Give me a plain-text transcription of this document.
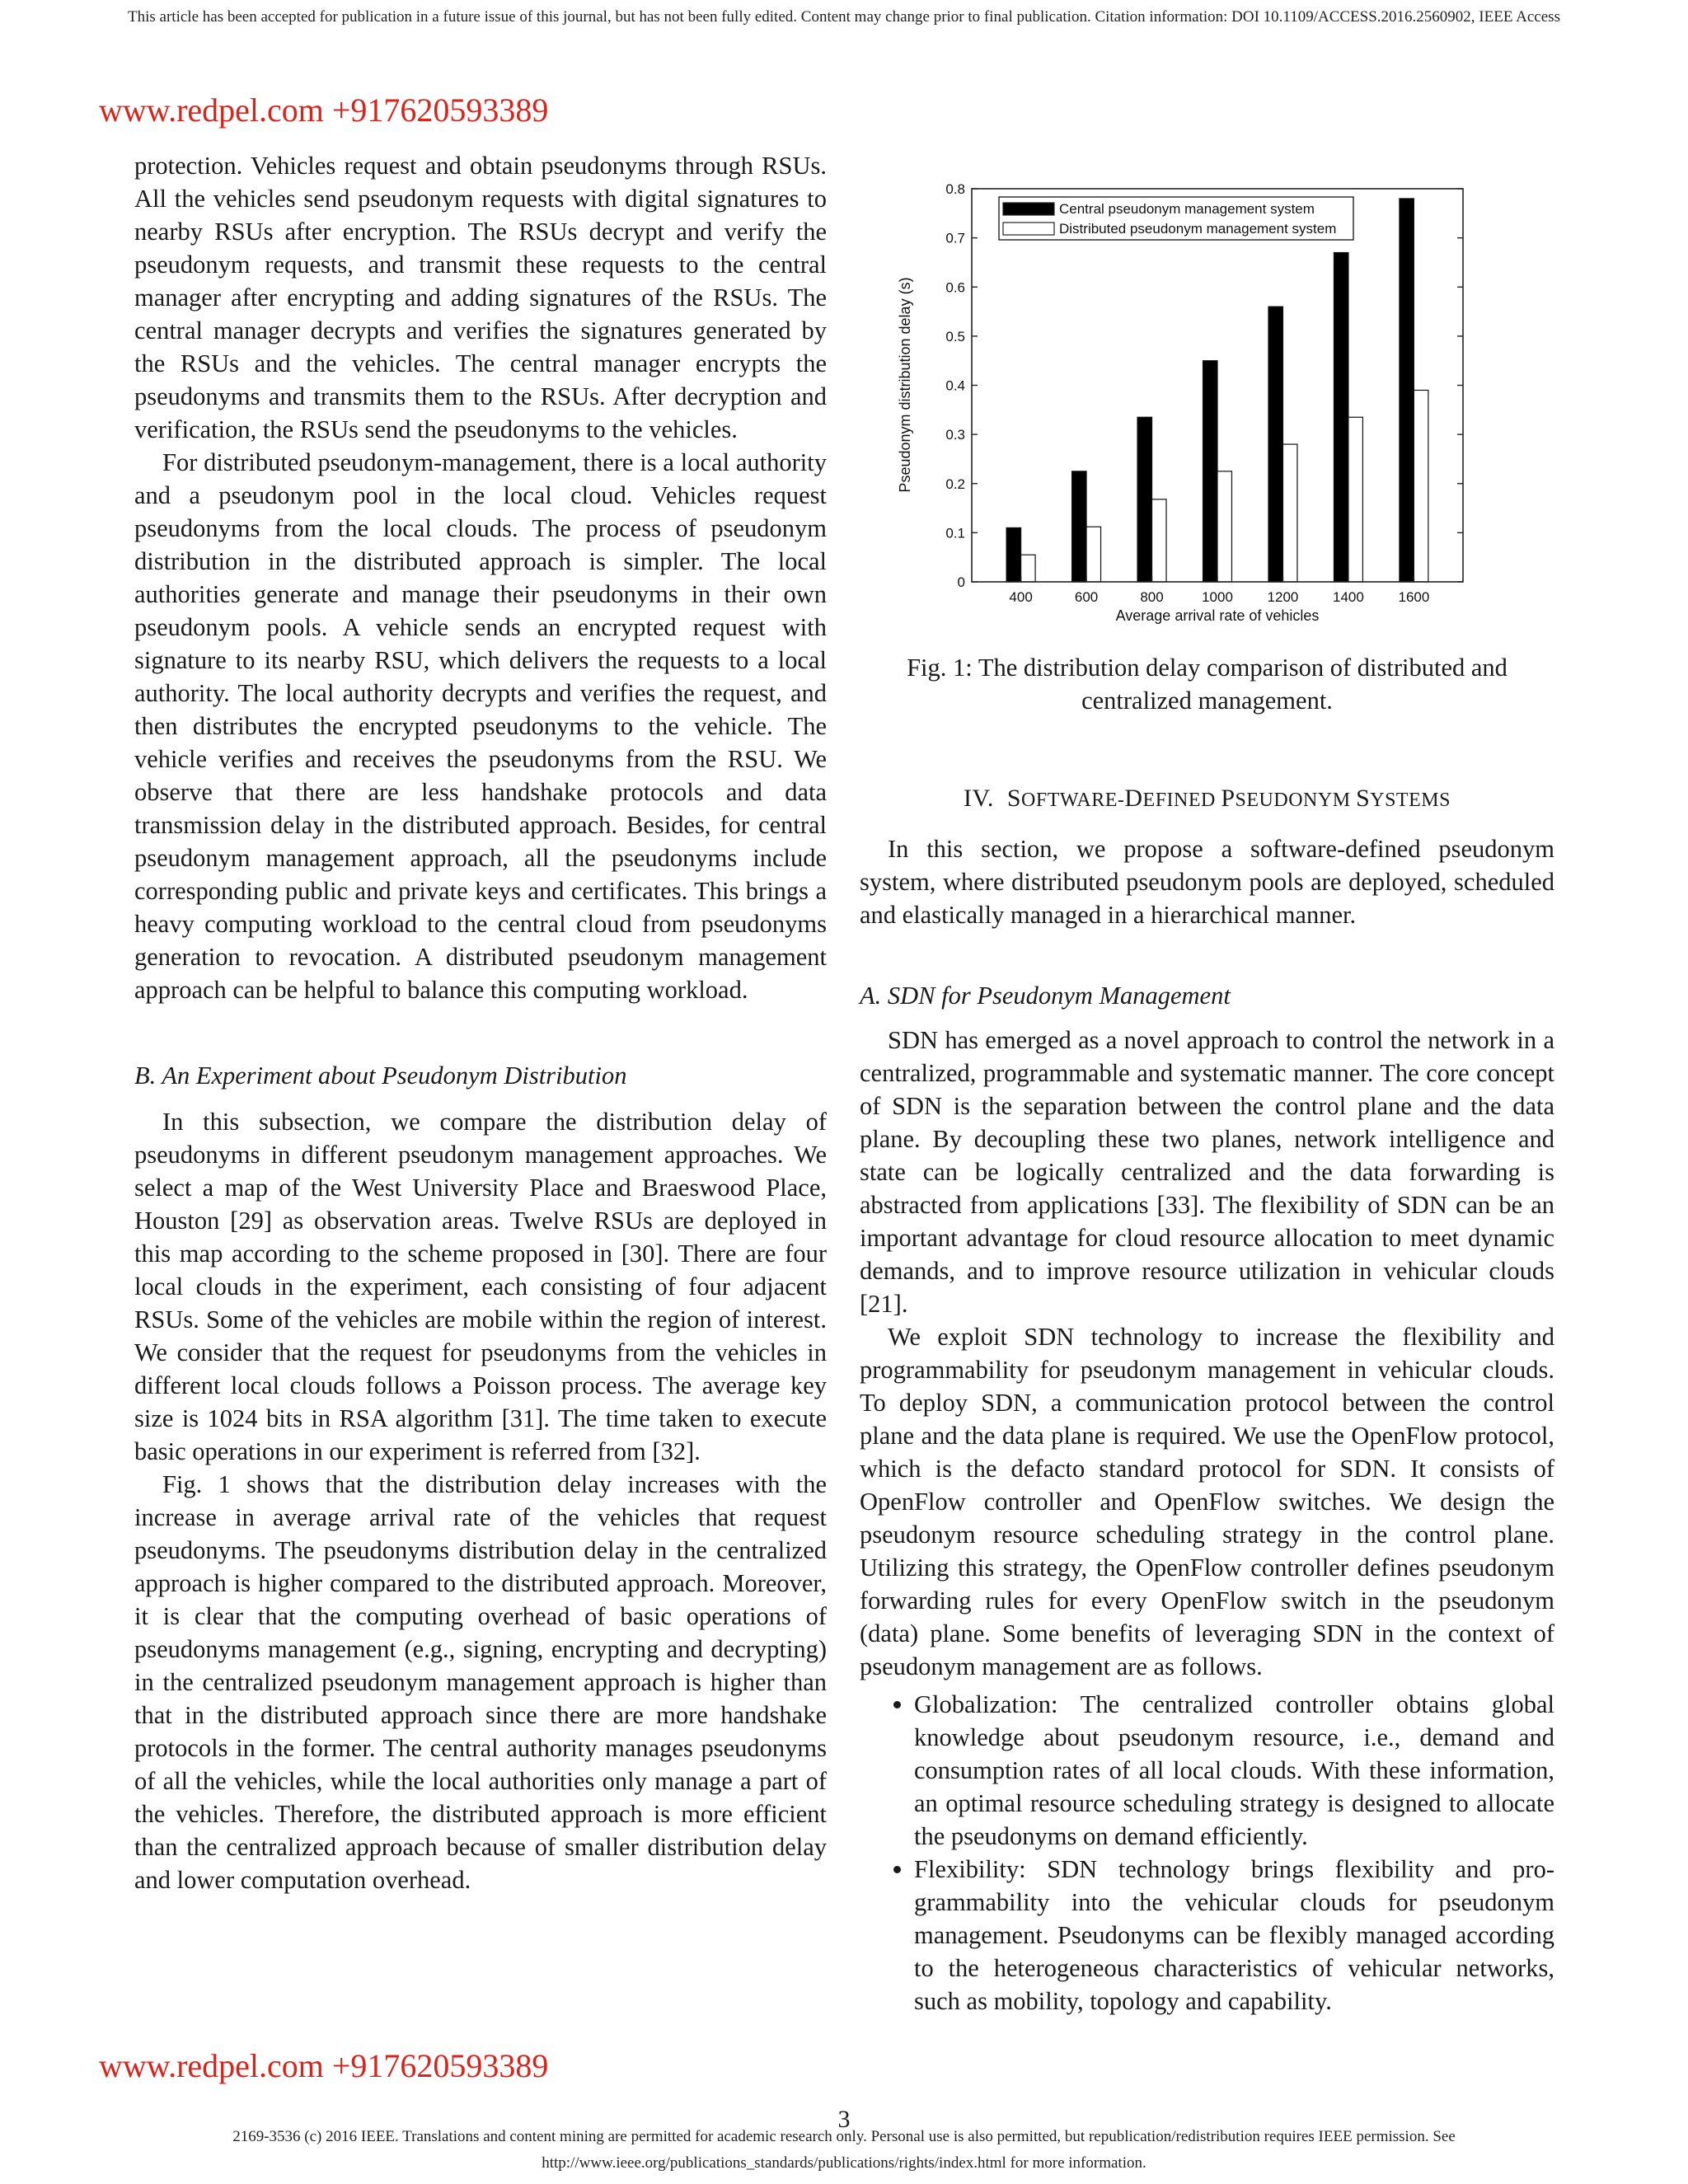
This article has been accepted for publication in a future issue of this journal, but has not been fully edited. Content may change prior to final publication. Citation information: DOI 10.1109/ACCESS.2016.2560902, IEEE Access
www.redpel.com +917620593389

protection. Vehicles request and obtain pseudonyms through RSUs. All the vehicles send pseudonym requests with digital signatures to nearby RSUs after encryption. The RSUs decrypt and verify the pseudonym requests, and transmit these requests to the central manager after encrypting and adding signatures of the RSUs. The central manager decrypts and verifies the signatures generated by the RSUs and the vehicles. The central manager encrypts the pseudonyms and transmits them to the RSUs. After decryption and verification, the RSUs send the pseudonyms to the vehicles.

For distributed pseudonym-management, there is a local authority and a pseudonym pool in the local cloud. Vehicles request pseudonyms from the local clouds. The process of pseudonym distribution in the distributed approach is simpler. The local authorities generate and manage their pseudonyms in their own pseudonym pools. A vehicle sends an encrypted request with signature to its nearby RSU, which delivers the requests to a local authority. The local authority decrypts and verifies the request, and then distributes the encrypted pseudonyms to the vehicle. The vehicle verifies and receives the pseudonyms from the RSU. We observe that there are less handshake protocols and data transmission delay in the distributed approach. Besides, for central pseudonym management approach, all the pseudonyms include corresponding public and private keys and certificates. This brings a heavy computing workload to the central cloud from pseudonyms generation to revocation. A distributed pseudonym management approach can be helpful to balance this computing workload.

B. An Experiment about Pseudonym Distribution

In this subsection, we compare the distribution delay of pseudonyms in different pseudonym management approaches. We select a map of the West University Place and Braeswood Place, Houston [29] as observation areas. Twelve RSUs are deployed in this map according to the scheme proposed in [30]. There are four local clouds in the experiment, each consisting of four adjacent RSUs. Some of the vehicles are mobile within the region of interest. We consider that the request for pseudonyms from the vehicles in different local clouds follows a Poisson process. The average key size is 1024 bits in RSA algorithm [31]. The time taken to execute basic operations in our experiment is referred from [32].

Fig. 1 shows that the distribution delay increases with the increase in average arrival rate of the vehicles that request pseudonyms. The pseudonyms distribution delay in the centralized approach is higher compared to the distributed approach. Moreover, it is clear that the computing overhead of basic operations of pseudonyms management (e.g., signing, encrypting and decrypting) in the centralized pseudonym management approach is higher than that in the distributed approach since there are more handshake protocols in the former. The central authority manages pseudonyms of all the vehicles, while the local authorities only manage a part of the vehicles. Therefore, the distributed approach is more efficient than the centralized approach because of smaller distribution delay and lower computation overhead.

0
0.1
0.2
0.3
0.4
0.5
0.6
0.7
0.8
400	600	800	1000 1200 1400 1600
Central pseudonym management system
Distributed pseudonym management system
Average arrival rate of vehicles
Pseudonym distribution delay (s)
Fig. 1: The distribution delay comparison of distributed and centralized management.
IV. SOFTWARE-DEFINED PSEUDONYM SYSTEMS

In this section, we propose a software-defined pseudonym system, where distributed pseudonym pools are deployed, scheduled and elastically managed in a hierarchical manner.

A. SDN for Pseudonym Management

SDN has emerged as a novel approach to control the network in a centralized, programmable and systematic manner. The core concept of SDN is the separation between the control plane and the data plane. By decoupling these two planes, network intelligence and state can be logically centralized and the data forwarding is abstracted from applications [33]. The flexibility of SDN can be an important advantage for cloud resource allocation to meet dynamic demands, and to improve resource utilization in vehicular clouds [21].

We exploit SDN technology to increase the flexibility and programmability for pseudonym management in vehicular clouds. To deploy SDN, a communication protocol between the control plane and the data plane is required. We use the OpenFlow protocol, which is the defacto standard protocol for SDN. It consists of OpenFlow controller and OpenFlow switches. We design the pseudonym resource scheduling strategy in the control plane. Utilizing this strategy, the OpenFlow controller defines pseudonym forwarding rules for every OpenFlow switch in the pseudonym (data) plane. Some benefits of leveraging SDN in the context of pseudonym management are as follows.

• Globalization: The centralized controller obtains global knowledge about pseudonym resource, i.e., demand and consumption rates of all local clouds. With these information, an optimal resource scheduling strategy is designed to allocate the pseudonyms on demand efficiently.
• Flexibility: SDN technology brings flexibility and programmability into the vehicular clouds for pseudonym management. Pseudonyms can be flexibly managed according to the heterogeneous characteristics of vehicular networks, such as mobility, topology and capability.
www.redpel.com +917620593389
3
2169-3536 (c) 2016 IEEE. Translations and content mining are permitted for academic research only. Personal use is also permitted, but republication/redistribution requires IEEE permission. See
http://www.ieee.org/publications_standards/publications/rights/index.html for more information.
